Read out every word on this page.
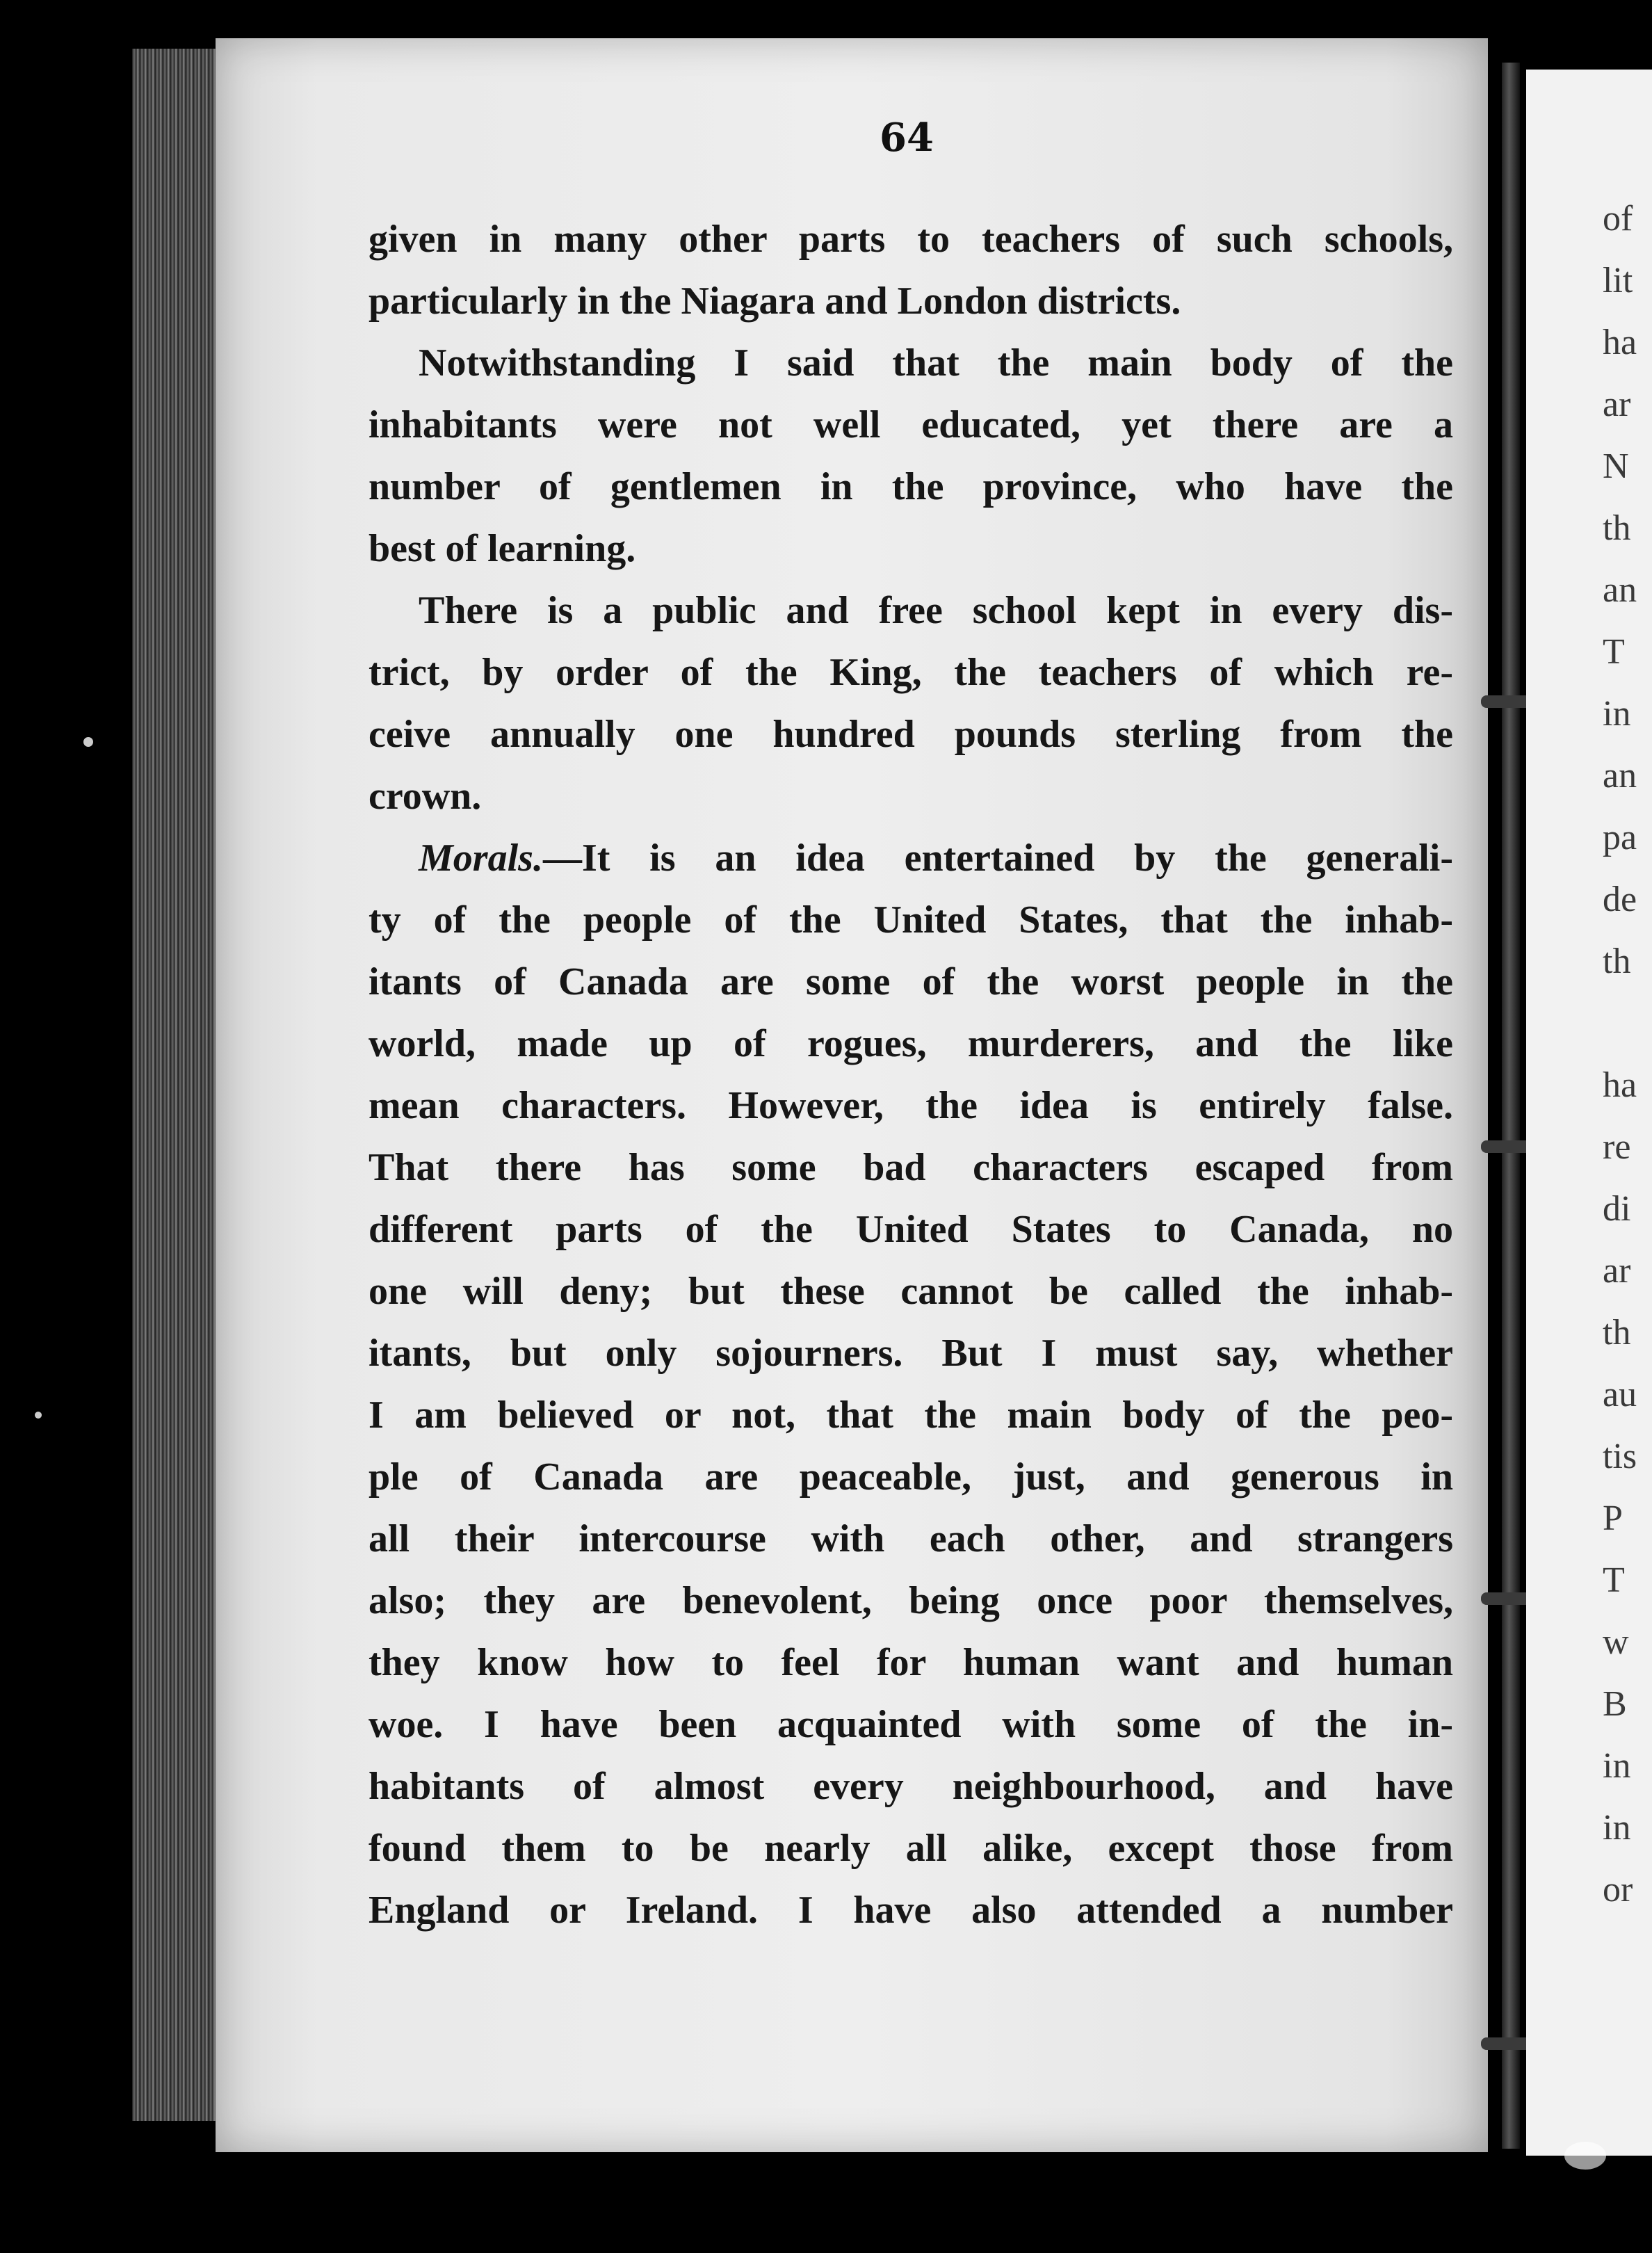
64
given in many other parts to teachers of such schools,
particularly in the Niagara and London districts.
Notwithstanding I said that the main body of the
inhabitants were not well educated, yet there are a
number of gentlemen in the province, who have the
best of learning.
There is a public and free school kept in every dis-
trict, by order of the King, the teachers of which re-
ceive annually one hundred pounds sterling from the
crown.
Morals.—It is an idea entertained by the generali-
ty of the people of the United States, that the inhab-
itants of Canada are some of the worst people in the
world, made up of rogues, murderers, and the like
mean characters. However, the idea is entirely false.
That there has some bad characters escaped from
different parts of the United States to Canada, no
one will deny; but these cannot be called the inhab-
itants, but only sojourners. But I must say, whether
I am believed or not, that the main body of the peo-
ple of Canada are peaceable, just, and generous in
all their intercourse with each other, and strangers
also; they are benevolent, being once poor themselves,
they know how to feel for human want and human
woe. I have been acquainted with some of the in-
habitants of almost every neighbourhood, and have
found them to be nearly all alike, except those from
England or Ireland. I have also attended a number
of
lit
ha
ar
N
th
an
T
in
an
pa
de
th

ha
re
di
ar
th
au
tis
P
T
w
B
in
in
or
